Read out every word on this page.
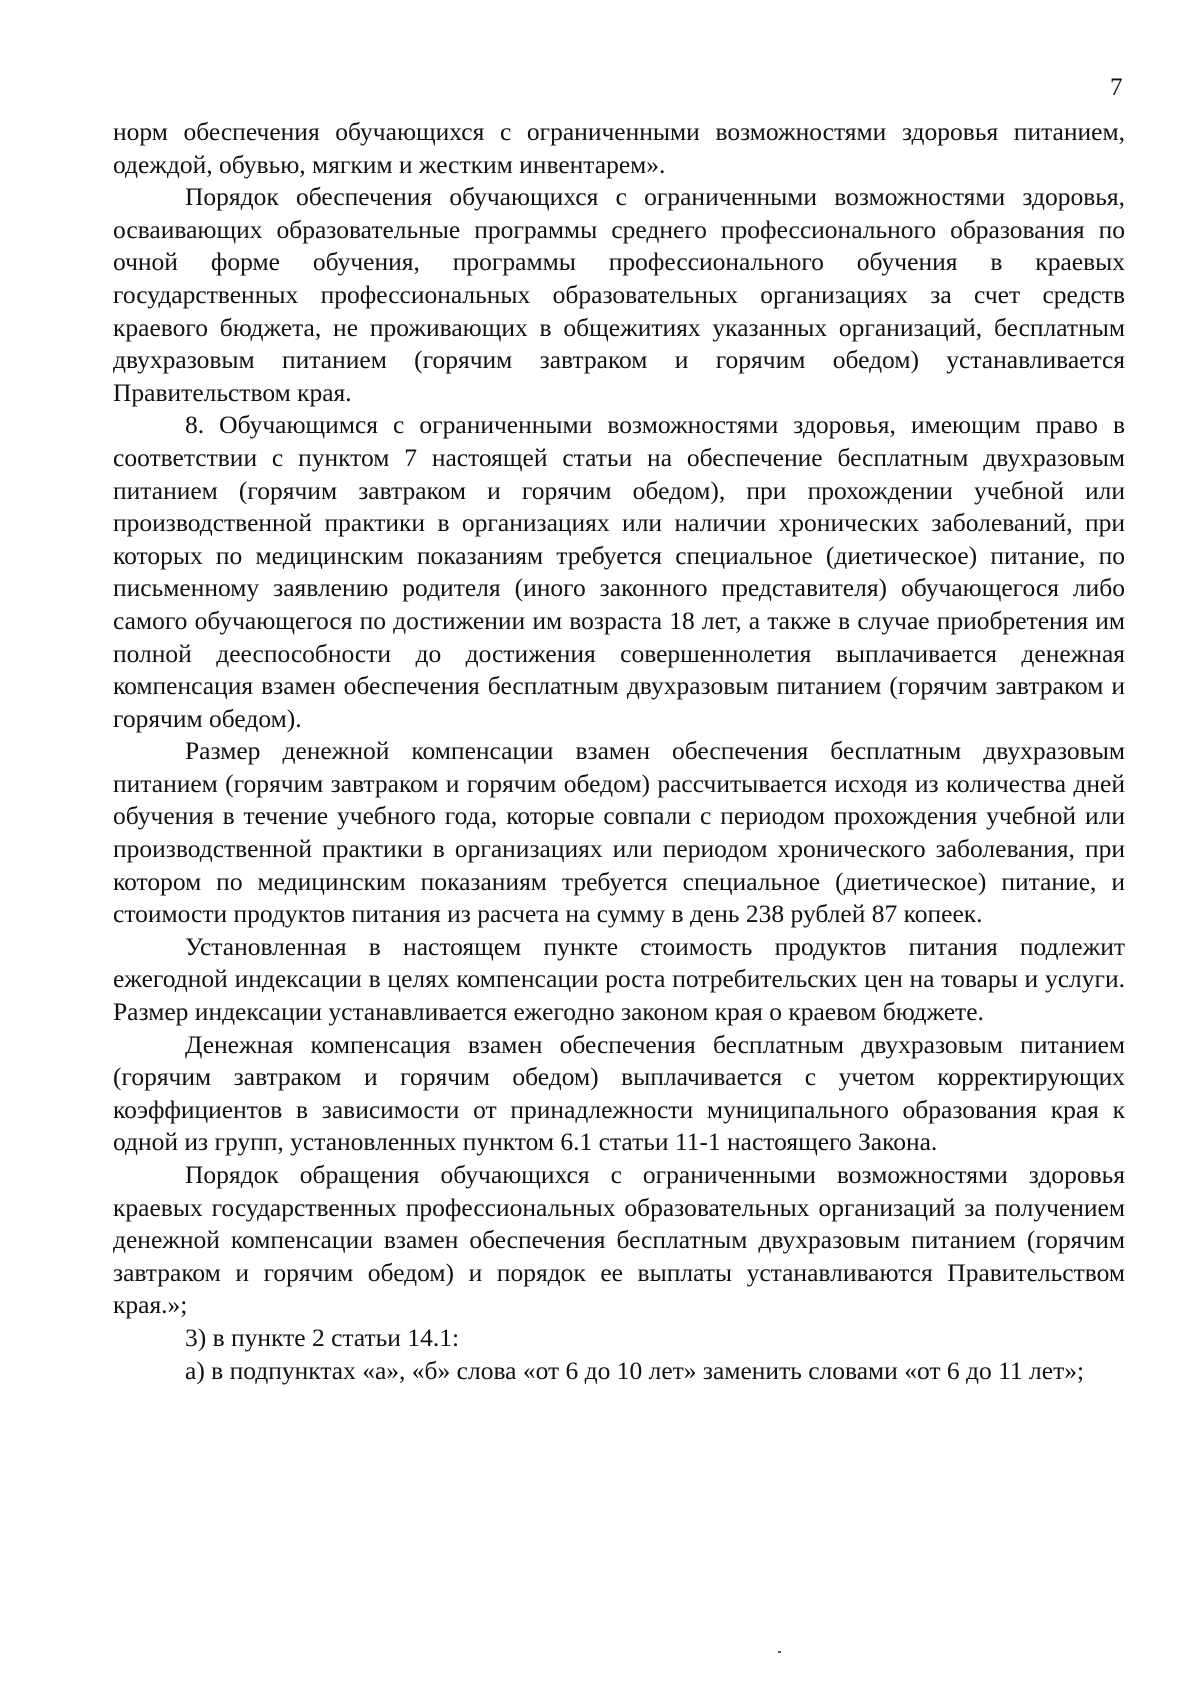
7

норм обеспечения обучающихся с ограниченными возможностями здоровья питанием, одеждой, обувью, мягким и жестким инвентарем».

Порядок обеспечения обучающихся с ограниченными возможностями здоровья, осваивающих образовательные программы среднего профессионального образования по очной форме обучения, программы профессионального обучения в краевых государственных профессиональных образовательных организациях за счет средств краевого бюджета, не проживающих в общежитиях указанных организаций, бесплатным двухразовым питанием (горячим завтраком и горячим обедом) устанавливается Правительством края.

8. Обучающимся с ограниченными возможностями здоровья, имеющим право в соответствии с пунктом 7 настоящей статьи на обеспечение бесплатным двухразовым питанием (горячим завтраком и горячим обедом), при прохождении учебной или производственной практики в организациях или наличии хронических заболеваний, при которых по медицинским показаниям требуется специальное (диетическое) питание, по письменному заявлению родителя (иного законного представителя) обучающегося либо самого обучающегося по достижении им возраста 18 лет, а также в случае приобретения им полной дееспособности до достижения совершеннолетия выплачивается денежная компенсация взамен обеспечения бесплатным двухразовым питанием (горячим завтраком и горячим обедом).

Размер денежной компенсации взамен обеспечения бесплатным двухразовым питанием (горячим завтраком и горячим обедом) рассчитывается исходя из количества дней обучения в течение учебного года, которые совпали с периодом прохождения учебной или производственной практики в организациях или периодом хронического заболевания, при котором по медицинским показаниям требуется специальное (диетическое) питание, и стоимости продуктов питания из расчета на сумму в день 238 рублей 87 копеек.

Установленная в настоящем пункте стоимость продуктов питания подлежит ежегодной индексации в целях компенсации роста потребительских цен на товары и услуги. Размер индексации устанавливается ежегодно законом края о краевом бюджете.

Денежная компенсация взамен обеспечения бесплатным двухразовым питанием (горячим завтраком и горячим обедом) выплачивается с учетом корректирующих коэффициентов в зависимости от принадлежности муниципального образования края к одной из групп, установленных пунктом 6.1 статьи 11-1 настоящего Закона.

Порядок обращения обучающихся с ограниченными возможностями здоровья краевых государственных профессиональных образовательных организаций за получением денежной компенсации взамен обеспечения бесплатным двухразовым питанием (горячим завтраком и горячим обедом) и порядок ее выплаты устанавливаются Правительством края.»;

3) в пункте 2 статьи 14.1:

а) в подпунктах «а», «б» слова «от 6 до 10 лет» заменить словами «от 6 до 11 лет»;
